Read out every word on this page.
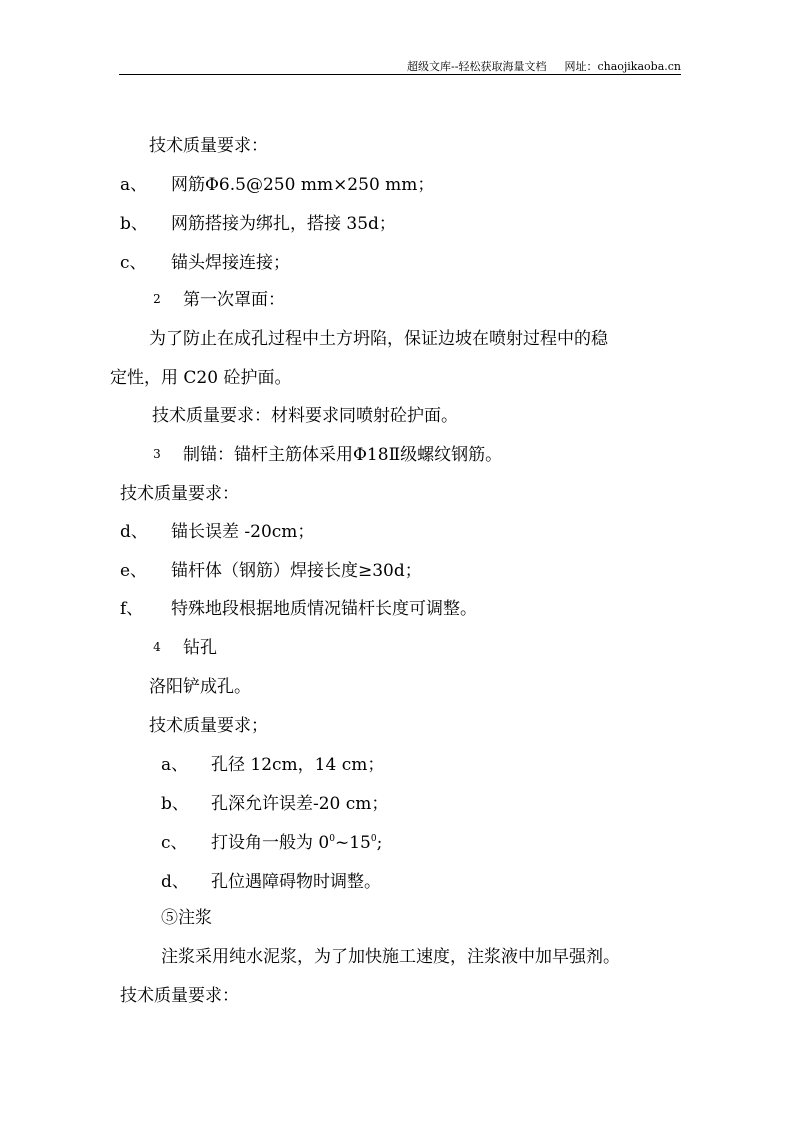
超级文库--轻松获取海量文档 网址：chaojikaoba.cn
技术质量要求：
a、 网筋Φ6.5@250 mm×250 mm；
b、 网筋搭接为绑扎，搭接 35d；
c、 锚头焊接连接；
2 第一次罩面：
为了防止在成孔过程中土方坍陷，保证边坡在喷射过程中的稳
定性，用 C20 砼护面。
技术质量要求：材料要求同喷射砼护面。
3 制锚：锚杆主筋体采用Φ18Ⅱ级螺纹钢筋。
技术质量要求：
d、 锚长误差 -20cm；
e、 锚杆体（钢筋）焊接长度≥30d；
f、 特殊地段根据地质情况锚杆长度可调整。
4 钻孔
洛阳铲成孔。
技术质量要求；
a、 孔径 12cm，14 cm；
b、 孔深允许误差-20 cm；
c、 打设角一般为 $0^0\sim 15^0$;
d、 孔位遇障碍物时调整。
⑤注浆
注浆采用纯水泥浆，为了加快施工速度，注浆液中加早强剂。
技术质量要求：
